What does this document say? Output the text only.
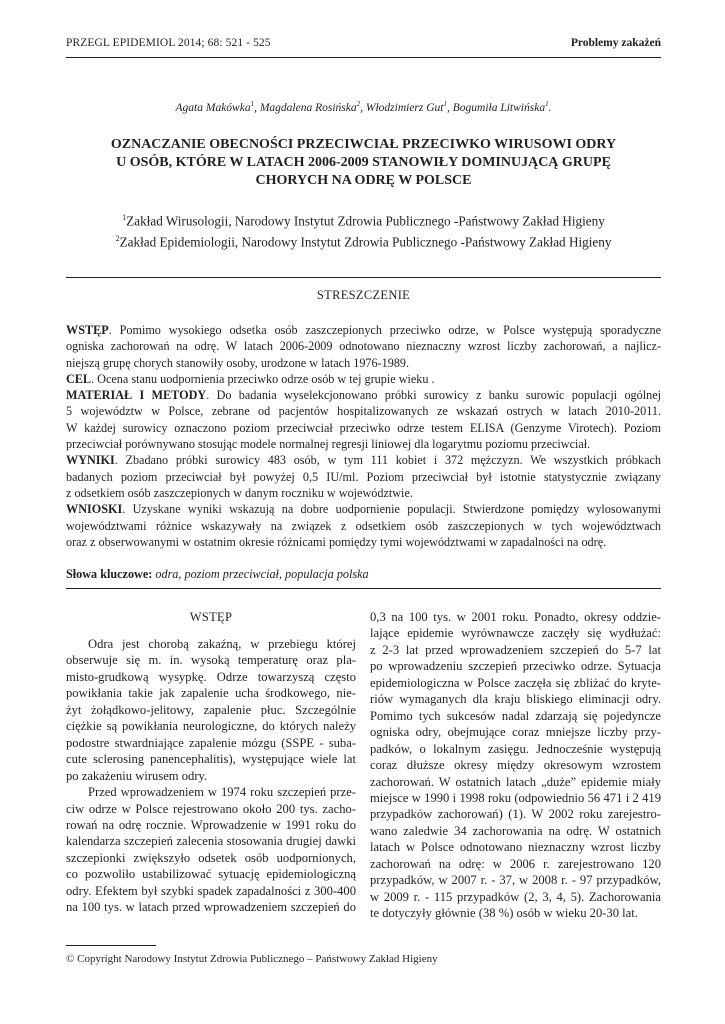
PRZEGL EPIDEMIOL 2014; 68: 521 - 525	Problemy zakażeń
Agata Makówka$^1$, Magdalena Rosińska$^2$, Włodzimierz Gut$^1$, Bogumiła Litwińska$^1$.
OZNACZANIE OBECNOŚCI PRZECIWCIAŁ PRZECIWKO WIRUSOWI ODRY
U OSÓB, KTÓRE W LATACH 2006-2009 STANOWIŁY DOMINUJĄCĄ GRUPĘ
CHORYCH NA ODRĘ W POLSCE
$^1$Zakład Wirusologii, Narodowy Instytut Zdrowia Publicznego -Państwowy Zakład Higieny
$^2$Zakład Epidemiologii, Narodowy Instytut Zdrowia Publicznego -Państwowy Zakład Higieny
STRESZCZENIE
WSTĘP. Pomimo wysokiego odsetka osób zaszczepionych przeciwko odrze, w Polsce występują sporadyczne
ogniska zachorowań na odrę. W latach 2006-2009 odnotowano nieznaczny wzrost liczby zachorowań, a najlicz-
niejszą grupę chorych stanowiły osoby, urodzone w latach 1976-1989.
CEL. Ocena stanu uodpornienia przeciwko odrze osób w tej grupie wieku .
MATERIAŁ I METODY. Do badania wyselekcjonowano próbki surowicy z banku surowic populacji ogólnej
5 województw w Polsce, zebrane od pacjentów hospitalizowanych ze wskazań ostrych w latach 2010-2011.
W każdej surowicy oznaczono poziom przeciwciał przeciwko odrze testem ELISA (Genzyme Virotech). Poziom
przeciwciał porównywano stosując modele normalnej regresji liniowej dla logarytmu poziomu przeciwciał.
WYNIKI. Zbadano próbki surowicy 483 osób, w tym 111 kobiet i 372 mężczyzn. We wszystkich próbkach
badanych poziom przeciwciał był powyżej 0,5 IU/ml. Poziom przeciwciał był istotnie statystycznie związany
z odsetkiem osób zaszczepionych w danym roczniku w województwie.
WNIOSKI. Uzyskane wyniki wskazują na dobre uodpornienie populacji. Stwierdzone pomiędzy wylosowanymi
województwami różnice wskazywały na związek z odsetkiem osób zaszczepionych w tych województwach
oraz z obserwowanymi w ostatnim okresie różnicami pomiędzy tymi województwami w zapadalności na odrę.
Słowa kluczowe: odra, poziom przeciwciał, populacja polska
WSTĘP
Odra jest chorobą zakaźną, w przebiegu której
obserwuje się m. in. wysoką temperaturę oraz pla-
misto-grudkową wysypkę. Odrze towarzyszą często
powikłania takie jak zapalenie ucha środkowego, nie-
żyt żołądkowo-jelitowy, zapalenie płuc. Szczególnie
ciężkie są powikłania neurologiczne, do których należy
podostre stwardniające zapalenie mózgu (SSPE - suba-
cute sclerosing panencephalitis), występujące wiele lat
po zakażeniu wirusem odry.
Przed wprowadzeniem w 1974 roku szczepień prze-
ciw odrze w Polsce rejestrowano około 200 tys. zacho-
rowań na odrę rocznie. Wprowadzenie w 1991 roku do
kalendarza szczepień zalecenia stosowania drugiej dawki
szczepionki zwiększyło odsetek osób uodpornionych,
co pozwoliło ustabilizować sytuację epidemiologiczną
odry. Efektem był szybki spadek zapadalności z 300-400
na 100 tys. w latach przed wprowadzeniem szczepień do
0,3 na 100 tys. w 2001 roku. Ponadto, okresy oddzie-
lające epidemie wyrównawcze zaczęły się wydłużać:
z 2-3 lat przed wprowadzeniem szczepień do 5-7 lat
po wprowadzeniu szczepień przeciwko odrze. Sytuacja
epidemiologiczna w Polsce zaczęła się zbliżać do kryte-
riów wymaganych dla kraju bliskiego eliminacji odry.
Pomimo tych sukcesów nadal zdarzają się pojedyncze
ogniska odry, obejmujące coraz mniejsze liczby przy-
padków, o lokalnym zasięgu. Jednocześnie występują
coraz dłuższe okresy między okresowym wzrostem
zachorowań. W ostatnich latach „duże” epidemie miały
miejsce w 1990 i 1998 roku (odpowiednio 56 471 i 2 419
przypadków zachorowań) (1). W 2002 roku zarejestro-
wano zaledwie 34 zachorowania na odrę. W ostatnich
latach w Polsce odnotowano nieznaczny wzrost liczby
zachorowań na odrę: w 2006 r. zarejestrowano 120
przypadków, w 2007 r. - 37, w 2008 r. - 97 przypadków,
w 2009 r. - 115 przypadków (2, 3, 4, 5). Zachorowania
te dotyczyły głównie (38 %) osób w wieku 20-30 lat.
© Copyright Narodowy Instytut Zdrowia Publicznego – Państwowy Zakład Higieny
